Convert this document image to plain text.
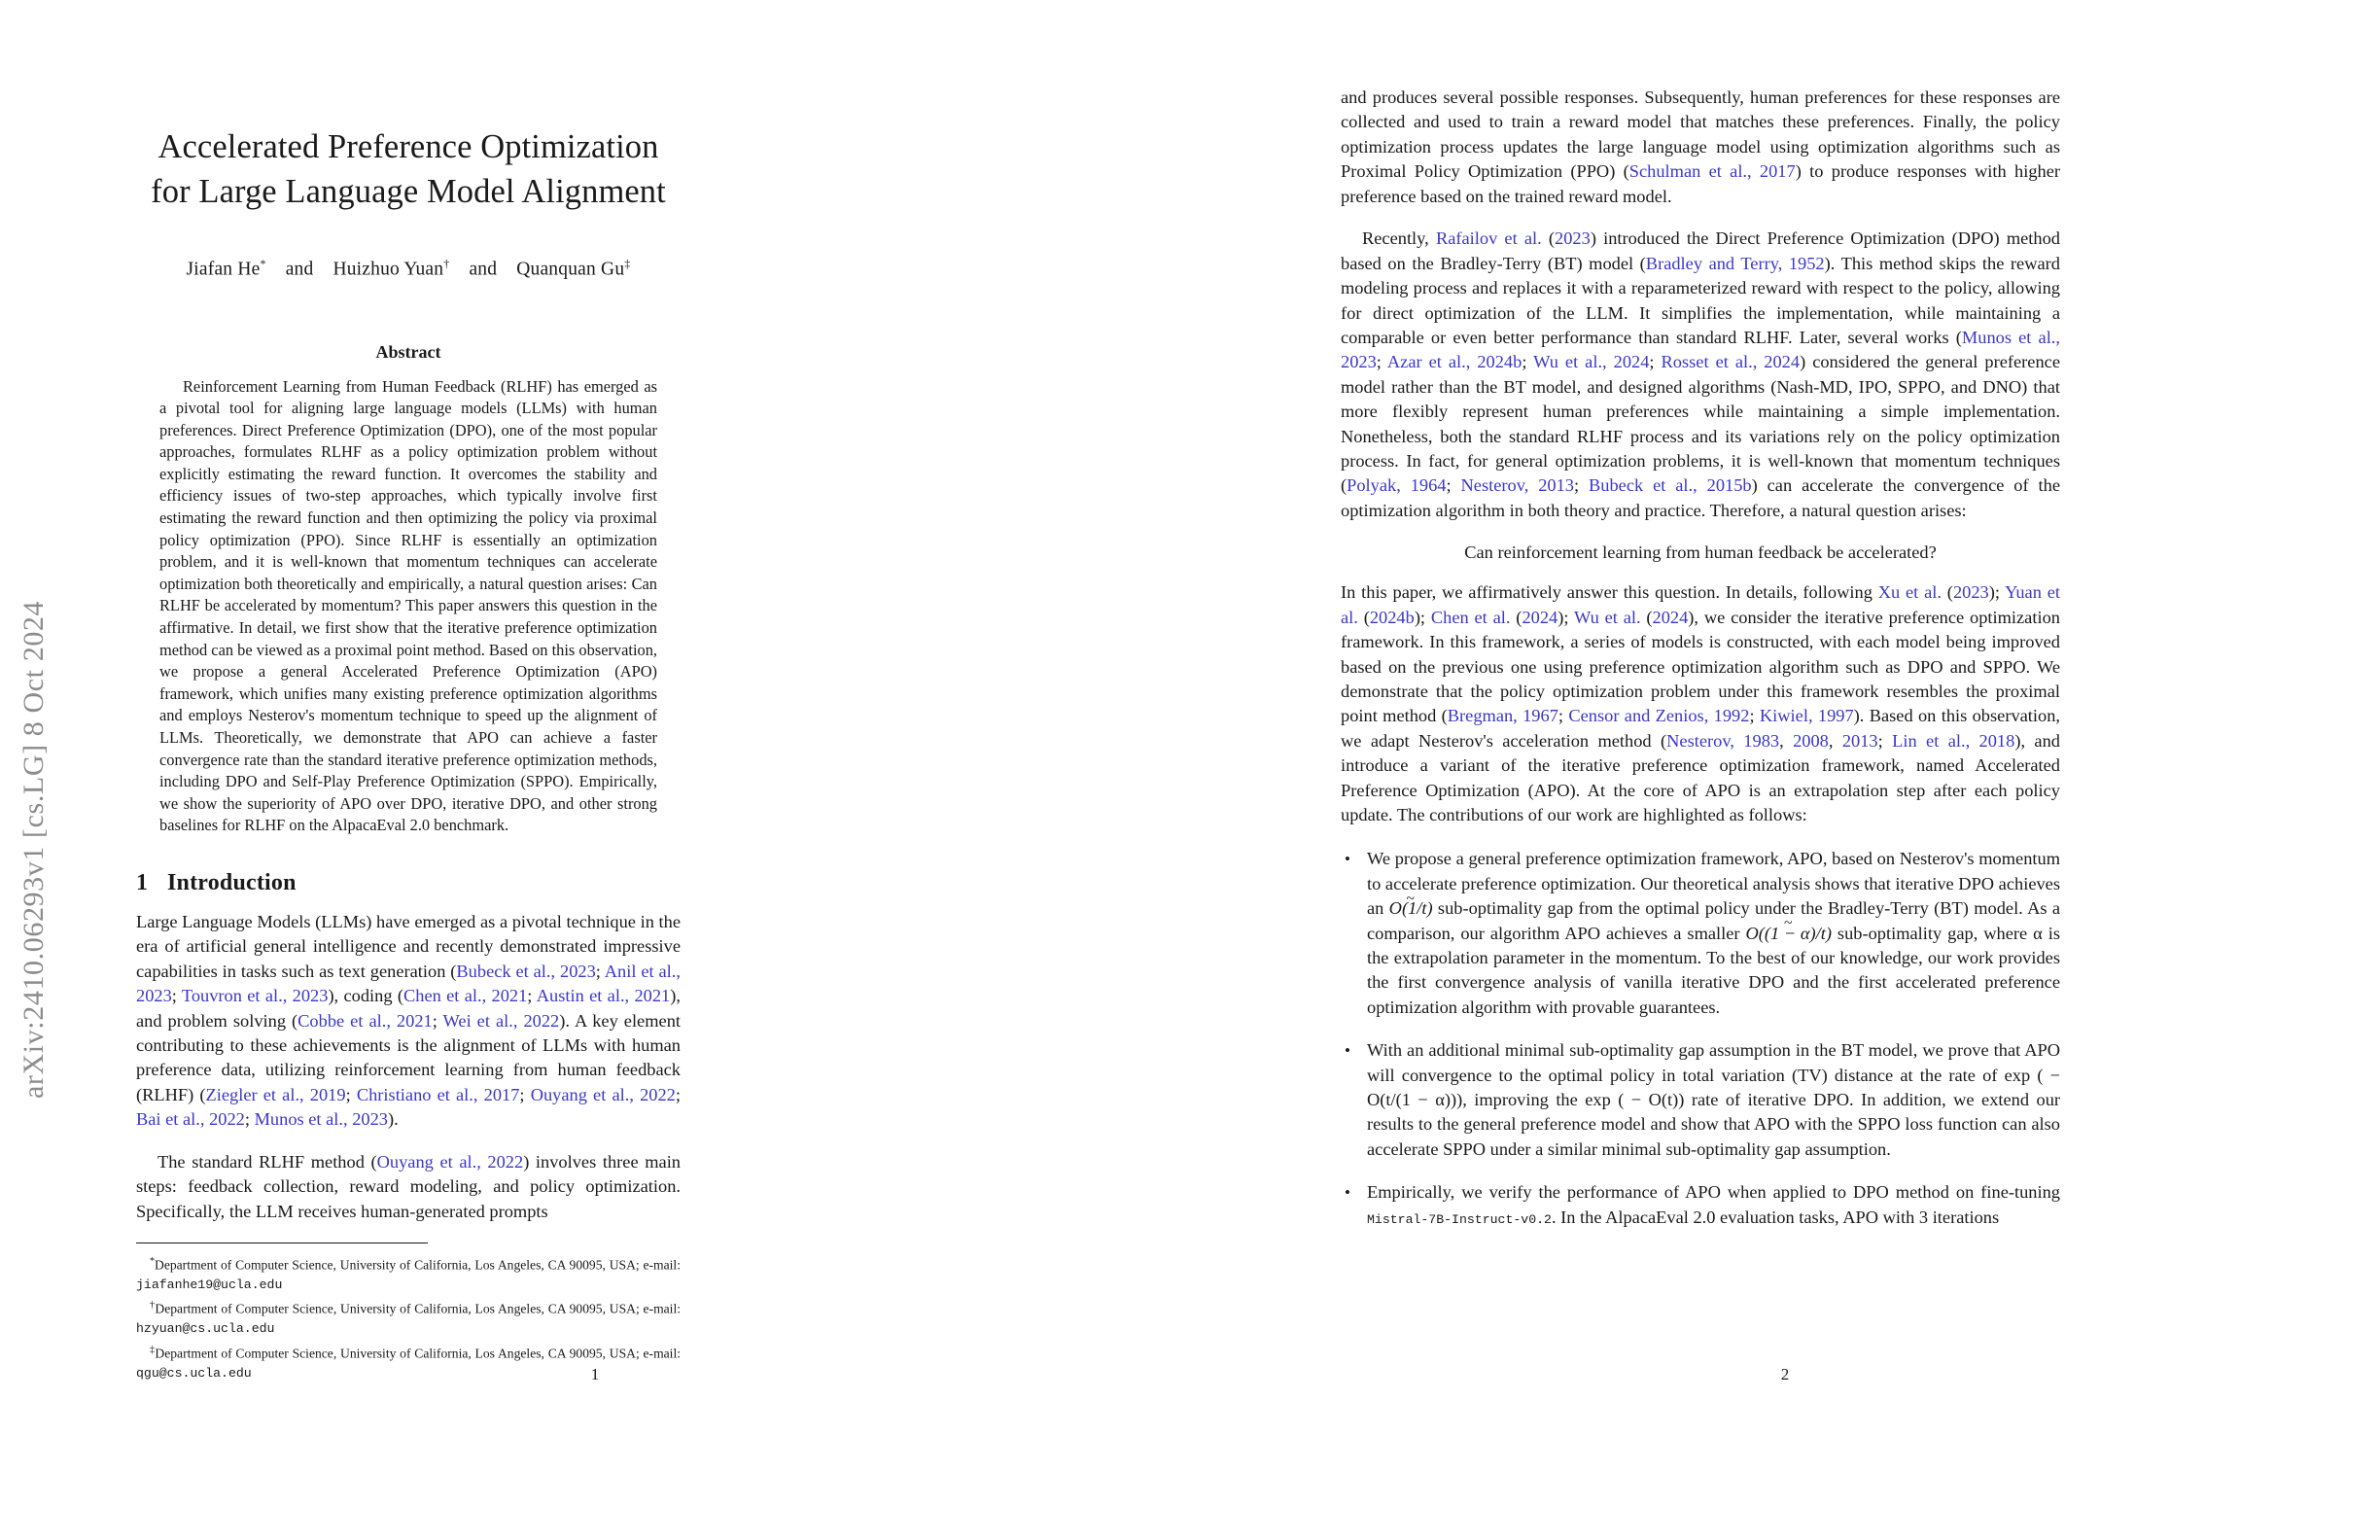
arXiv:2410.06293v1 [cs.LG] 8 Oct 2024
Accelerated Preference Optimization for Large Language Model Alignment
Jiafan He* and Huizhuo Yuan† and Quanquan Gu‡
Abstract
Reinforcement Learning from Human Feedback (RLHF) has emerged as a pivotal tool for aligning large language models (LLMs) with human preferences. Direct Preference Optimization (DPO), one of the most popular approaches, formulates RLHF as a policy optimization problem without explicitly estimating the reward function. It overcomes the stability and efficiency issues of two-step approaches, which typically involve first estimating the reward function and then optimizing the policy via proximal policy optimization (PPO). Since RLHF is essentially an optimization problem, and it is well-known that momentum techniques can accelerate optimization both theoretically and empirically, a natural question arises: Can RLHF be accelerated by momentum? This paper answers this question in the affirmative. In detail, we first show that the iterative preference optimization method can be viewed as a proximal point method. Based on this observation, we propose a general Accelerated Preference Optimization (APO) framework, which unifies many existing preference optimization algorithms and employs Nesterov's momentum technique to speed up the alignment of LLMs. Theoretically, we demonstrate that APO can achieve a faster convergence rate than the standard iterative preference optimization methods, including DPO and Self-Play Preference Optimization (SPPO). Empirically, we show the superiority of APO over DPO, iterative DPO, and other strong baselines for RLHF on the AlpacaEval 2.0 benchmark.
1 Introduction

Large Language Models (LLMs) have emerged as a pivotal technique in the era of artificial general intelligence and recently demonstrated impressive capabilities in tasks such as text generation (Bubeck et al., 2023; Anil et al., 2023; Touvron et al., 2023), coding (Chen et al., 2021; Austin et al., 2021), and problem solving (Cobbe et al., 2021; Wei et al., 2022). A key element contributing to these achievements is the alignment of LLMs with human preference data, utilizing reinforcement learning from human feedback (RLHF) (Ziegler et al., 2019; Christiano et al., 2017; Ouyang et al., 2022; Bai et al., 2022; Munos et al., 2023).

The standard RLHF method (Ouyang et al., 2022) involves three main steps: feedback collection, reward modeling, and policy optimization. Specifically, the LLM receives human-generated prompts

*Department of Computer Science, University of California, Los Angeles, CA 90095, USA; e-mail: jiafanhe19@ucla.edu

†Department of Computer Science, University of California, Los Angeles, CA 90095, USA; e-mail: hzyuan@cs.ucla.edu

‡Department of Computer Science, University of California, Los Angeles, CA 90095, USA; e-mail: qgu@cs.ucla.edu	1

and produces several possible responses. Subsequently, human preferences for these responses are collected and used to train a reward model that matches these preferences. Finally, the policy optimization process updates the large language model using optimization algorithms such as Proximal Policy Optimization (PPO) (Schulman et al., 2017) to produce responses with higher preference based on the trained reward model.

Recently, Rafailov et al. (2023) introduced the Direct Preference Optimization (DPO) method based on the Bradley-Terry (BT) model (Bradley and Terry, 1952). This method skips the reward modeling process and replaces it with a reparameterized reward with respect to the policy, allowing for direct optimization of the LLM. It simplifies the implementation, while maintaining a comparable or even better performance than standard RLHF. Later, several works (Munos et al., 2023; Azar et al., 2024b; Wu et al., 2024; Rosset et al., 2024) considered the general preference model rather than the BT model, and designed algorithms (Nash-MD, IPO, SPPO, and DNO) that more flexibly represent human preferences while maintaining a simple implementation. Nonetheless, both the standard RLHF process and its variations rely on the policy optimization process. In fact, for general optimization problems, it is well-known that momentum techniques (Polyak, 1964; Nesterov, 2013; Bubeck et al., 2015b) can accelerate the convergence of the optimization algorithm in both theory and practice. Therefore, a natural question arises:

Can reinforcement learning from human feedback be accelerated?

In this paper, we affirmatively answer this question. In details, following Xu et al. (2023); Yuan et al. (2024b); Chen et al. (2024); Wu et al. (2024), we consider the iterative preference optimization framework. In this framework, a series of models is constructed, with each model being improved based on the previous one using preference optimization algorithm such as DPO and SPPO. We demonstrate that the policy optimization problem under this framework resembles the proximal point method (Bregman, 1967; Censor and Zenios, 1992; Kiwiel, 1997). Based on this observation, we adapt Nesterov's acceleration method (Nesterov, 1983, 2008, 2013; Lin et al., 2018), and introduce a variant of the iterative preference optimization framework, named Accelerated Preference Optimization (APO). At the core of APO is an extrapolation step after each policy update. The contributions of our work are highlighted as follows:

• We propose a general preference optimization framework, APO, based on Nesterov's momentum to accelerate preference optimization. Our theoretical analysis shows that iterative DPO achieves an ~ O(1/t) sub-optimality gap from the optimal policy under the Bradley-Terry (BT) model. As a comparison, our algorithm APO achieves a smaller ~ O((1 − α)/t) sub-optimality gap, where α is the extrapolation parameter in the momentum. To the best of our knowledge, our work provides the first convergence analysis of vanilla iterative DPO and the first accelerated preference optimization algorithm with provable guarantees.
• With an additional minimal sub-optimality gap assumption in the BT model, we prove that APO will convergence to the optimal policy in total variation (TV) distance at the rate of exp ( − O(t/(1 − α))), improving the exp ( − O(t)) rate of iterative DPO. In addition, we extend our results to the general preference model and show that APO with the SPPO loss function can also accelerate SPPO under a similar minimal sub-optimality gap assumption.
• Empirically, we verify the performance of APO when applied to DPO method on fine-tuning Mistral-7B-Instruct-v0.2. In the AlpacaEval 2.0 evaluation tasks, APO with 3 iterations
2
